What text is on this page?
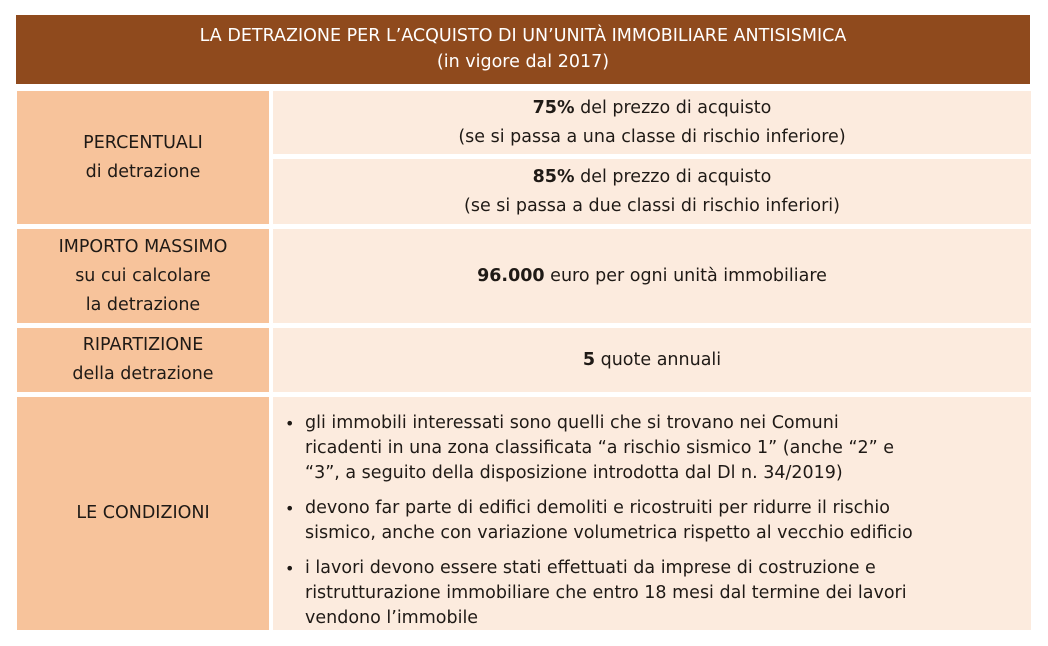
LA DETRAZIONE PER L’ACQUISTO DI UN’UNITÀ IMMOBILIARE ANTISISMICA
(in vigore dal 2017)
PERCENTUALI
di detrazione
75% del prezzo di acquisto
(se si passa a una classe di rischio inferiore)
85% del prezzo di acquisto
(se si passa a due classi di rischio inferiori)
IMPORTO MASSIMO
su cui calcolare
la detrazione
96.000 euro per ogni unità immobiliare
RIPARTIZIONE
della detrazione
5 quote annuali
LE CONDIZIONI
• gli immobili interessati sono quelli che si trovano nei Comuni
ricadenti in una zona classificata “a rischio sismico 1” (anche “2” e
“3”, a seguito della disposizione introdotta dal Dl n. 34/2019)
• devono far parte di edifici demoliti e ricostruiti per ridurre il rischio
sismico, anche con variazione volumetrica rispetto al vecchio edificio
• i lavori devono essere stati effettuati da imprese di costruzione e
ristrutturazione immobiliare che entro 18 mesi dal termine dei lavori
vendono l’immobile
